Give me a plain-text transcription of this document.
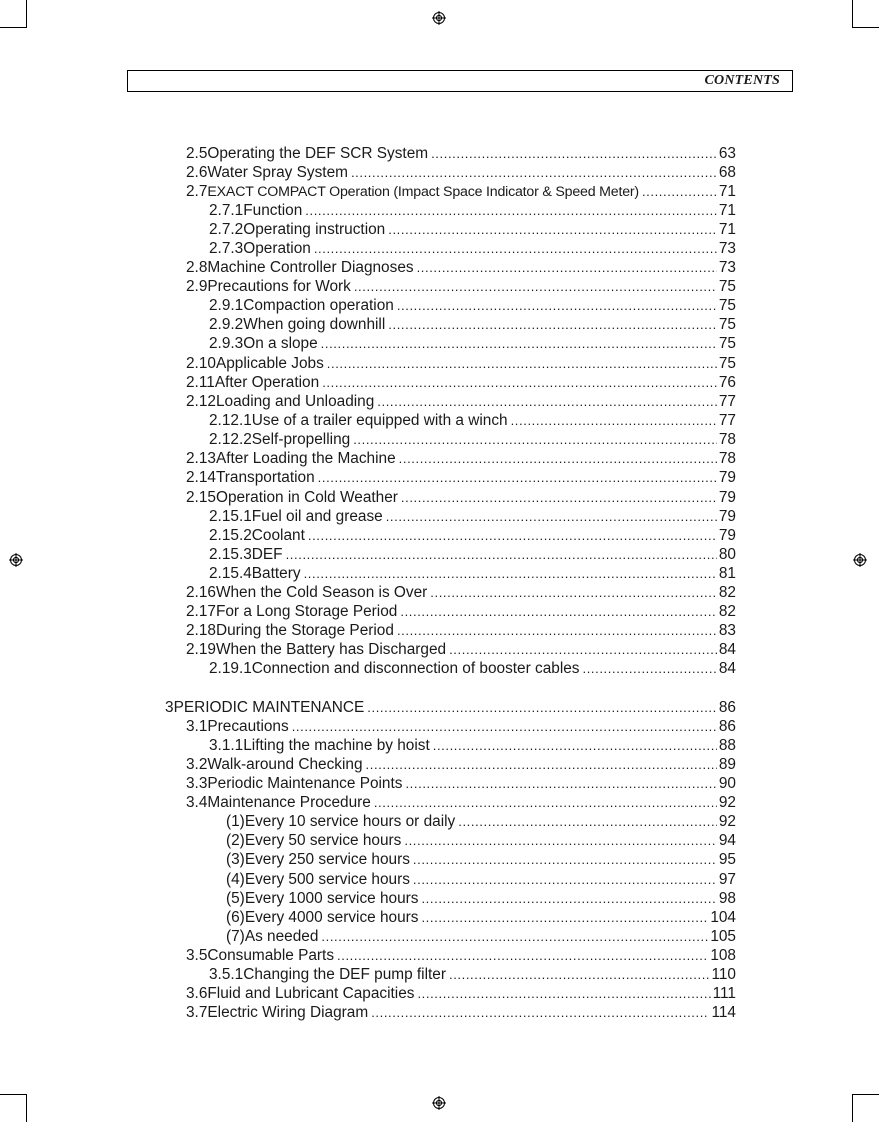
CONTENTS
2.5 Operating the DEF SCR System .....	63
2.6 Water Spray System .....	68
2.7 EXACT COMPACT Operation (Impact Space Indicator & Speed Meter) .....	71
2.7.1 Function .....	71
2.7.2 Operating instruction .....	71
2.7.3 Operation .....	73
2.8 Machine Controller Diagnoses .....	73
2.9 Precautions for Work .....	75
2.9.1 Compaction operation .....	75
2.9.2 When going downhill .....	75
2.9.3 On a slope .....	75
2.10 Applicable Jobs .....	75
2.11 After Operation .....	76
2.12 Loading and Unloading .....	77
2.12.1 Use of a trailer equipped with a winch .....	77
2.12.2 Self-propelling .....	78
2.13 After Loading the Machine .....	78
2.14 Transportation .....	79
2.15 Operation in Cold Weather .....	79
2.15.1 Fuel oil and grease .....	79
2.15.2 Coolant .....	79
2.15.3 DEF .....	80
2.15.4 Battery .....	81
2.16 When the Cold Season is Over .....	82
2.17 For a Long Storage Period .....	82
2.18 During the Storage Period .....	83
2.19 When the Battery has Discharged .....	84
2.19.1 Connection and disconnection of booster cables .....	84
3 PERIODIC MAINTENANCE .....	86
3.1 Precautions .....	86
3.1.1 Lifting the machine by hoist .....	88
3.2 Walk-around Checking .....	89
3.3 Periodic Maintenance Points .....	90
3.4 Maintenance Procedure .....	92
(1) Every 10 service hours or daily .....	92
(2) Every 50 service hours .....	94
(3) Every 250 service hours .....	95
(4) Every 500 service hours .....	97
(5) Every 1000 service hours .....	98
(6) Every 4000 service hours .....	104
(7) As needed .....	105
3.5 Consumable Parts .....	108
3.5.1 Changing the DEF pump filter .....	110
3.6 Fluid and Lubricant Capacities .....	111
3.7 Electric Wiring Diagram .....	114
